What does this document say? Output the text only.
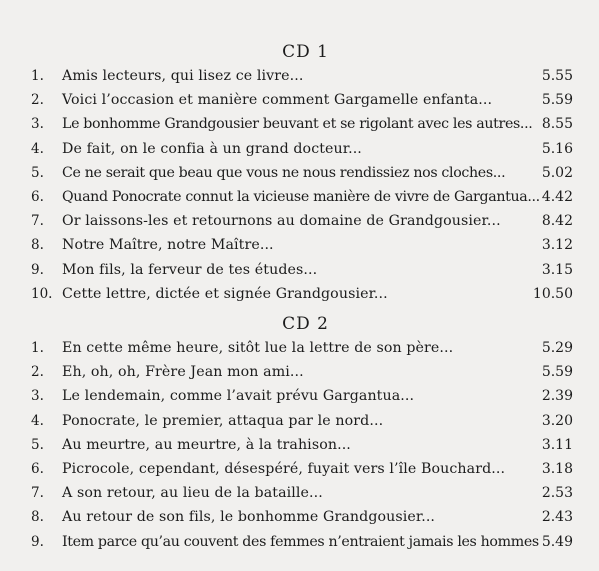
CD 1
1.	Amis lecteurs, qui lisez ce livre...	5.55
2.	Voici l’occasion et manière comment Gargamelle enfanta...	5.59
3.	Le bonhomme Grandgousier beuvant et se rigolant avec les autres... 8.55
4.	De fait, on le confia à un grand docteur...	5.16
5.	Ce ne serait que beau que vous ne nous rendissiez nos cloches...	5.02
6.	Quand Ponocrate connut la vicieuse manière de vivre de Gargantua... 4.42
7.	Or laissons-les et retournons au domaine de Grandgousier...	8.42
8.	Notre Maître, notre Maître...	3.12
9.	Mon fils, la ferveur de tes études...	3.15
10. Cette lettre, dictée et signée Grandgousier...	10.50
CD 2
1.	En cette même heure, sitôt lue la lettre de son père...	5.29
2.	Eh, oh, oh, Frère Jean mon ami...	5.59
3.	Le lendemain, comme l’avait prévu Gargantua...	2.39
4.	Ponocrate, le premier, attaqua par le nord...	3.20
5.	Au meurtre, au meurtre, à la trahison...	3.11
6.	Picrocole, cependant, désespéré, fuyait vers l’île Bouchard...	3.18
7.	A son retour, au lieu de la bataille...	2.53
8.	Au retour de son fils, le bonhomme Grandgousier...	2.43
9.	Item parce qu’au couvent des femmes n’entraient jamais les hommes 5.49
